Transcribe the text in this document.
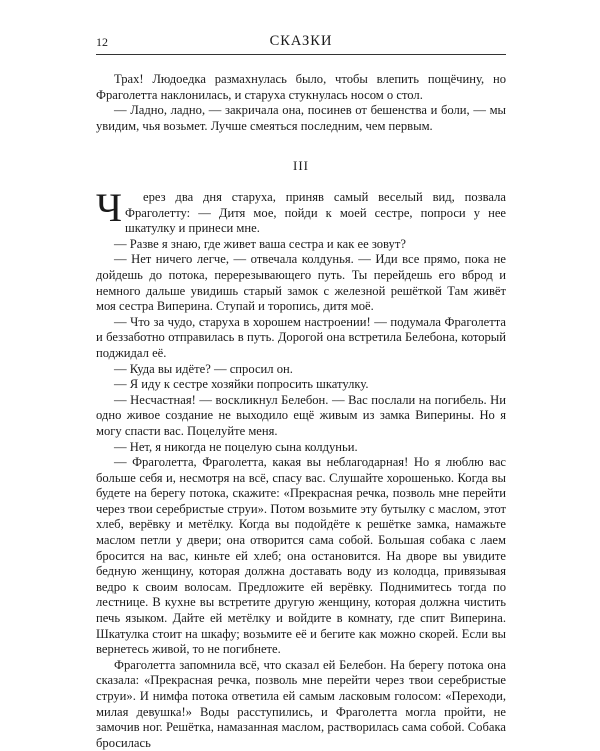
12	СКАЗКИ

Трах! Людоедка размахнулась было, чтобы влепить пощёчину, но Фраголетта наклонилась, и старуха стукнулась носом о стол.

— Ладно, ладно, — закричала она, посинев от бешенства и боли, — мы увидим, чья возьмет. Лучше смеяться последним, чем первым.

III

Ч ерез два дня старуха, приняв самый веселый вид, позвала Фраголетту: — Дитя мое, пойди к моей сестре, попроси у нее шкатулку и принеси мне.

— Разве я знаю, где живет ваша сестра и как ее зовут?

— Нет ничего легче, — отвечала колдунья. — Иди все прямо, пока не дойдешь до потока, перерезывающего путь. Ты перейдешь его вброд и немного дальше увидишь старый замок с железной решёткой Там живёт моя сестра Виперина. Ступай и торопись, дитя моё.

— Что за чудо, старуха в хорошем настроении! — подумала Фраголетта и беззаботно отправилась в путь. Дорогой она встретила Белебона, который поджидал её.

— Куда вы идёте? — спросил он.

— Я иду к сестре хозяйки попросить шкатулку.

— Несчастная! — воскликнул Белебон. — Вас послали на погибель. Ни одно живое создание не выходило ещё живым из замка Виперины. Но я могу спасти вас. Поцелуйте меня.

— Нет, я никогда не поцелую сына колдуньи.

— Фраголетта, Фраголетта, какая вы неблагодарная! Но я люблю вас больше себя и, несмотря на всё, спасу вас. Слушайте хорошенько. Когда вы будете на берегу потока, скажите: «Прекрасная речка, позволь мне перейти через твои серебристые струи». Потом возьмите эту бутылку с маслом, этот хлеб, верёвку и метёлку. Когда вы подойдёте к решётке замка, намажьте маслом петли у двери; она отворится сама собой. Большая собака с лаем бросится на вас, киньте ей хлеб; она остановится. На дворе вы увидите бедную женщину, которая должна доставать воду из колодца, привязывая ведро к своим волосам. Предложите ей верёвку. Поднимитесь тогда по лестнице. В кухне вы встретите другую женщину, которая должна чистить печь языком. Дайте ей метёлку и войдите в комнату, где спит Виперина. Шкатулка стоит на шкафу; возьмите её и бегите как можно скорей. Если вы вернетесь живой, то не погибнете.

Фраголетта запомнила всё, что сказал ей Белебон. На берегу потока она сказала: «Прекрасная речка, позволь мне перейти через твои серебристые струи». И нимфа потока ответила ей самым ласковым голосом: «Переходи, милая девушка!» Воды расступились, и Фраголетта могла пройти, не замочив ног. Решётка, намазанная маслом, растворилась сама собой. Собака бросилась
